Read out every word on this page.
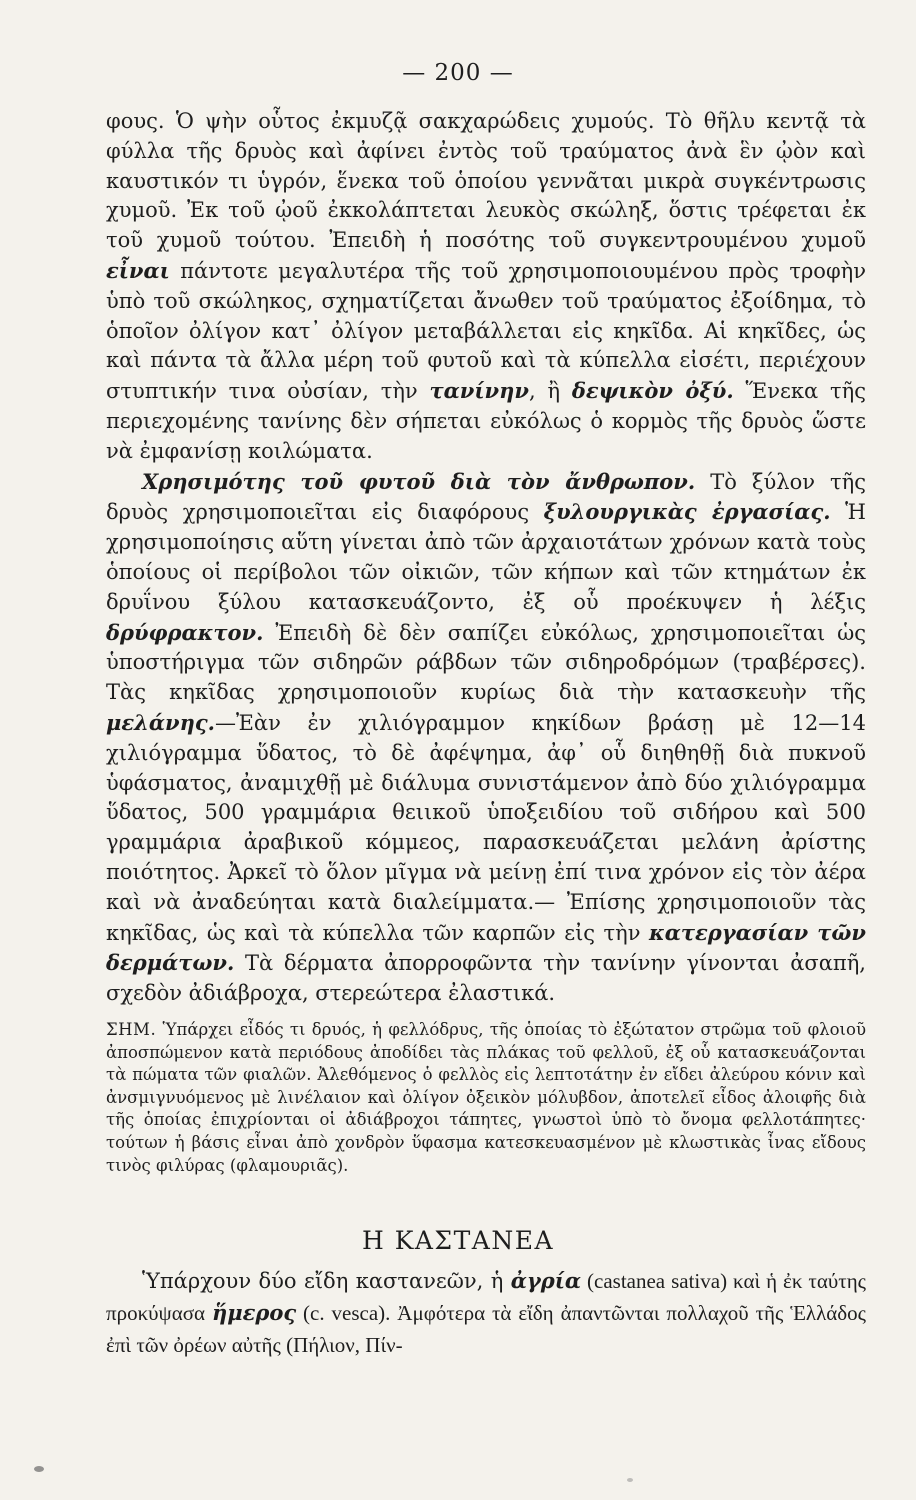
— 200 —

φους. Ὁ ψὴν οὗτος ἐκμυζᾷ σακχαρώδεις χυμούς. Τὸ θῆλυ κεντᾷ τὰ φύλλα τῆς δρυὸς καὶ ἀφίνει ἐντὸς τοῦ τραύματος ἀνὰ ἓν ᾠὸν καὶ καυστικόν τι ὑγρόν, ἕνεκα τοῦ ὁποίου γεννᾶται μικρὰ συγκέντρωσις χυμοῦ. Ἐκ τοῦ ᾠοῦ ἐκκολάπτεται λευκὸς σκώληξ, ὅστις τρέφεται ἐκ τοῦ χυμοῦ τούτου. Ἐπειδὴ ἡ ποσότης τοῦ συγκεντρουμένου χυμοῦ εἶναι πάντοτε μεγαλυτέρα τῆς τοῦ χρησιμοποιουμένου πρὸς τροφὴν ὑπὸ τοῦ σκώληκος, σχηματίζεται ἄνωθεν τοῦ τραύματος ἐξοίδημα, τὸ ὁποῖον ὀλίγον κατ᾽ ὀλίγον μεταβάλλεται εἰς κηκῖδα. Αἱ κηκῖδες, ὡς καὶ πάντα τὰ ἄλλα μέρη τοῦ φυτοῦ καὶ τὰ κύπελλα εἰσέτι, περιέχουν στυπτικήν τινα οὐσίαν, τὴν τανίνην, ἢ δεψικὸν ὀξύ. Ἕνεκα τῆς περιεχομένης τανίνης δὲν σήπεται εὐκόλως ὁ κορμὸς τῆς δρυὸς ὥστε νὰ ἐμφανίσῃ κοιλώματα.

Χρησιμότης τοῦ φυτοῦ διὰ τὸν ἄνθρωπον. Τὸ ξύλον τῆς δρυὸς χρησιμοποιεῖται εἰς διαφόρους ξυλουργικὰς ἐργασίας. Ἡ χρησιμοποίησις αὕτη γίνεται ἀπὸ τῶν ἀρχαιοτάτων χρόνων κατὰ τοὺς ὁποίους οἱ περίβολοι τῶν οἰκιῶν, τῶν κήπων καὶ τῶν κτημάτων ἐκ δρυΐνου ξύλου κατασκευάζοντο, ἐξ οὗ προέκυψεν ἡ λέξις δρύφρακτον. Ἐπειδὴ δὲ δὲν σαπίζει εὐκόλως, χρησιμοποιεῖται ὡς ὑποστήριγμα τῶν σιδηρῶν ράβδων τῶν σιδηροδρόμων (τραβέρσες). Τὰς κηκῖδας χρησιμοποιοῦν κυρίως διὰ τὴν κατασκευὴν τῆς μελάνης.—Ἐὰν ἐν χιλιόγραμμον κηκίδων βράσῃ μὲ 12—14 χιλιόγραμμα ὕδατος, τὸ δὲ ἀφέψημα, ἀφ᾽ οὗ διηθηθῇ διὰ πυκνοῦ ὑφάσματος, ἀναμιχθῇ μὲ διάλυμα συνιστάμενον ἀπὸ δύο χιλιόγραμμα ὕδατος, 500 γραμμάρια θειικοῦ ὑποξειδίου τοῦ σιδήρου καὶ 500 γραμμάρια ἀραβικοῦ κόμμεος, παρασκευάζεται μελάνη ἀρίστης ποιότητος. Ἀρκεῖ τὸ ὅλον μῖγμα νὰ μείνῃ ἐπί τινα χρόνον εἰς τὸν ἀέρα καὶ νὰ ἀναδεύηται κατὰ διαλείμματα.— Ἐπίσης χρησιμοποιοῦν τὰς κηκῖδας, ὡς καὶ τὰ κύπελλα τῶν καρπῶν εἰς τὴν κατεργασίαν τῶν δερμάτων. Τὰ δέρματα ἀπορροφῶντα τὴν τανίνην γίνονται ἀσαπῆ, σχεδὸν ἀδιάβροχα, στερεώτερα ἐλαστικά.

ΣΗΜ. Ὑπάρχει εἶδός τι δρυός, ἡ φελλόδρυς, τῆς ὁποίας τὸ ἐξώτατον στρῶμα τοῦ φλοιοῦ ἀποσπώμενον κατὰ περιόδους ἀποδίδει τὰς πλάκας τοῦ φελλοῦ, ἐξ οὗ κατασκευάζονται τὰ πώματα τῶν φιαλῶν. Ἀλεθόμενος ὁ φελλὸς εἰς λεπτοτάτην ἐν εἴδει ἀλεύρου κόνιν καὶ ἀνσμιγνυόμενος μὲ λινέλαιον καὶ ὀλίγον ὀξεικὸν μόλυβδον, ἀποτελεῖ εἶδος ἀλοιφῆς διὰ τῆς ὁποίας ἐπιχρίονται οἱ ἀδιάβροχοι τάπητες, γνωστοὶ ὑπὸ τὸ ὄνομα φελλοτάπητες· τούτων ἡ βάσις εἶναι ἀπὸ χονδρὸν ὕφασμα κατεσκευασμένον μὲ κλωστικὰς ἶνας εἴδους τινὸς φιλύρας (φλαμουριᾶς).
Η ΚΑΣΤΑΝΕΑ
Ὑπάρχουν δύο εἴδη καστανεῶν, ἡ ἀγρία (castanea sativa) καὶ ἡ ἐκ ταύτης προκύψασα ἥμερος (c. vesca). Ἀμφότερα τὰ εἴδη ἀπαντῶνται πολλαχοῦ τῆς Ἑλλάδος ἐπὶ τῶν ὀρέων αὐτῆς (Πήλιον, Πίν-
